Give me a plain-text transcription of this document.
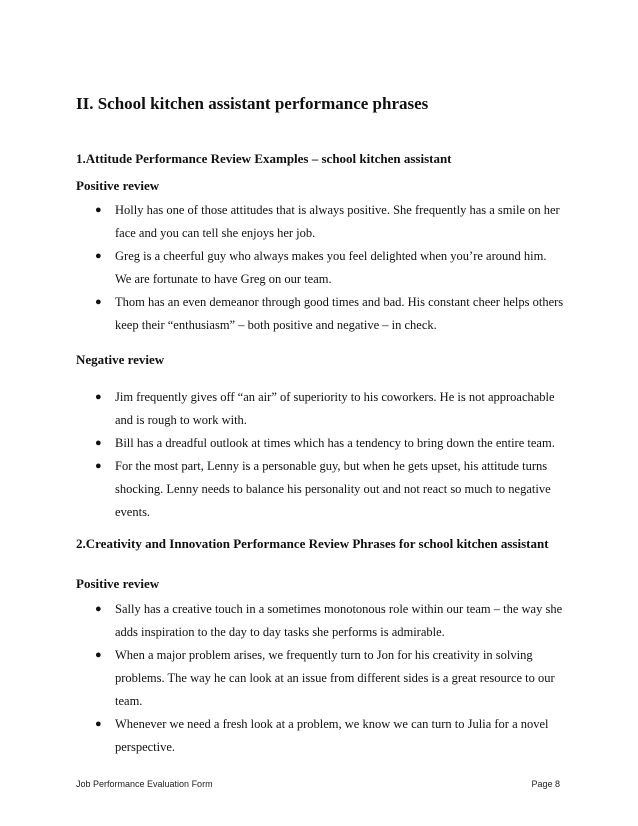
II. School kitchen assistant performance phrases
1.Attitude Performance Review Examples – school kitchen assistant
Positive review
● Holly has one of those attitudes that is always positive. She frequently has a smile on her face and you can tell she enjoys her job.
● Greg is a cheerful guy who always makes you feel delighted when you’re around him. We are fortunate to have Greg on our team.
● Thom has an even demeanor through good times and bad. His constant cheer helps others keep their “enthusiasm” – both positive and negative – in check.
Negative review
● Jim frequently gives off “an air” of superiority to his coworkers. He is not approachable and is rough to work with.
● Bill has a dreadful outlook at times which has a tendency to bring down the entire team.
● For the most part, Lenny is a personable guy, but when he gets upset, his attitude turns shocking. Lenny needs to balance his personality out and not react so much to negative events.
2.Creativity and Innovation Performance Review Phrases for school kitchen assistant
Positive review
● Sally has a creative touch in a sometimes monotonous role within our team – the way she adds inspiration to the day to day tasks she performs is admirable.
● When a major problem arises, we frequently turn to Jon for his creativity in solving problems. The way he can look at an issue from different sides is a great resource to our team.
● Whenever we need a fresh look at a problem, we know we can turn to Julia for a novel perspective.
Job Performance Evaluation Form	Page 8
